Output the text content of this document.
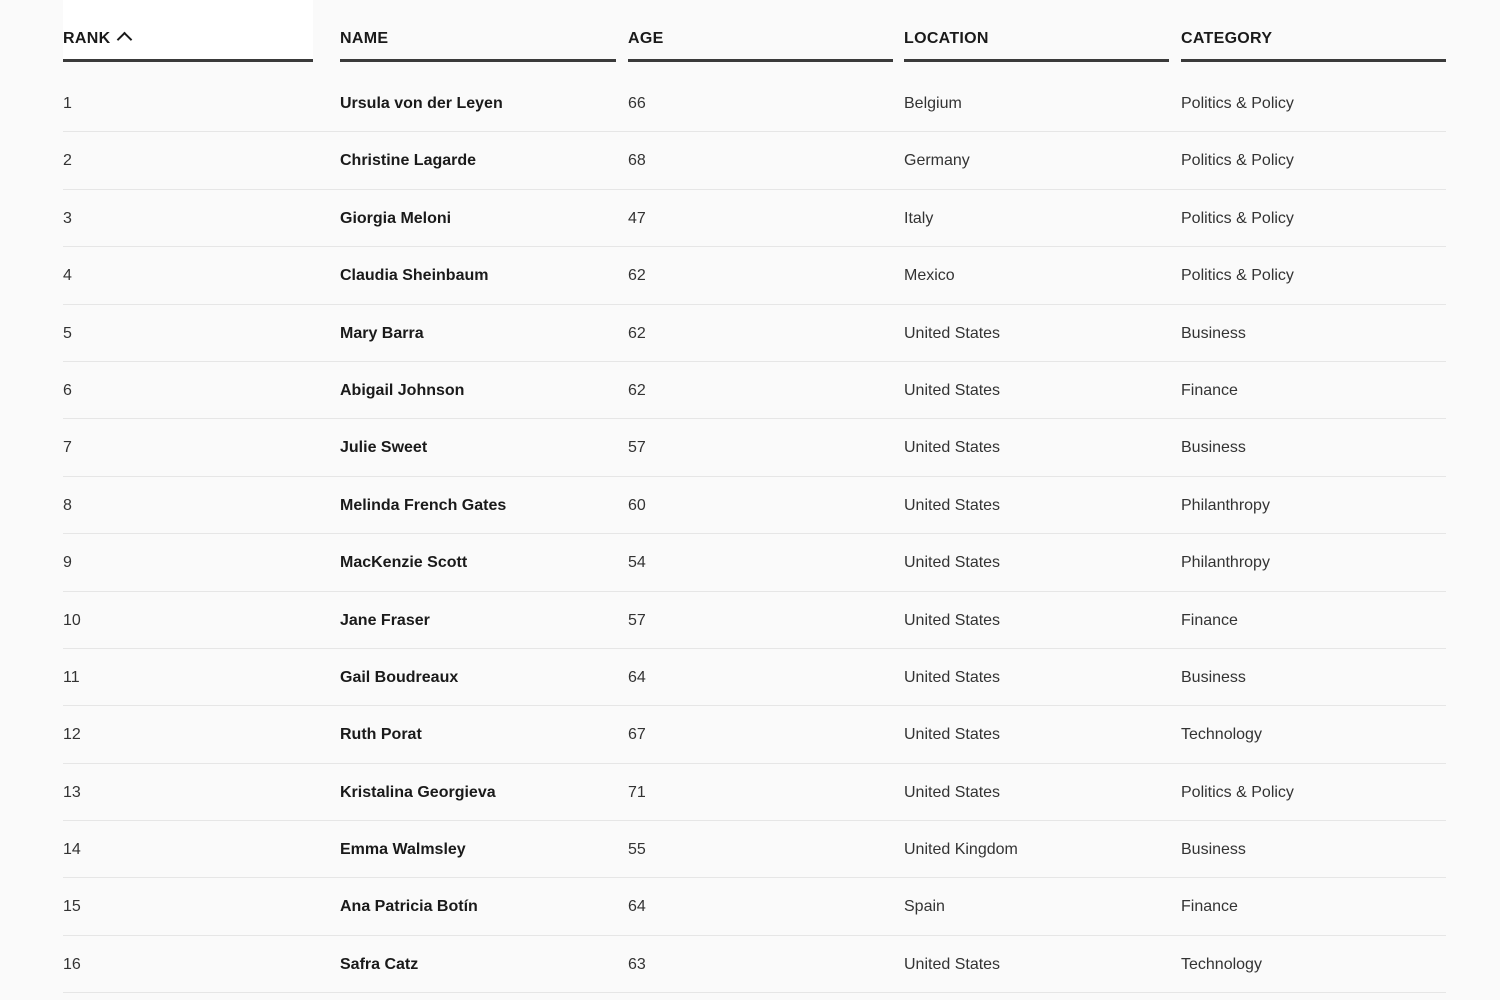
RANK	NAME	AGE	LOCATION	CATEGORY
1	Ursula von der Leyen	66	Belgium	Politics & Policy
2	Christine Lagarde	68	Germany	Politics & Policy
3	Giorgia Meloni	47	Italy	Politics & Policy
4	Claudia Sheinbaum	62	Mexico	Politics & Policy
5	Mary Barra	62	United States	Business
6	Abigail Johnson	62	United States	Finance
7	Julie Sweet	57	United States	Business
8	Melinda French Gates	60	United States	Philanthropy
9	MacKenzie Scott	54	United States	Philanthropy
10	Jane Fraser	57	United States	Finance
11	Gail Boudreaux	64	United States	Business
12	Ruth Porat	67	United States	Technology
13	Kristalina Georgieva	71	United States	Politics & Policy
14	Emma Walmsley	55	United Kingdom	Business
15	Ana Patricia Botín	64	Spain	Finance
16	Safra Catz	63	United States	Technology
